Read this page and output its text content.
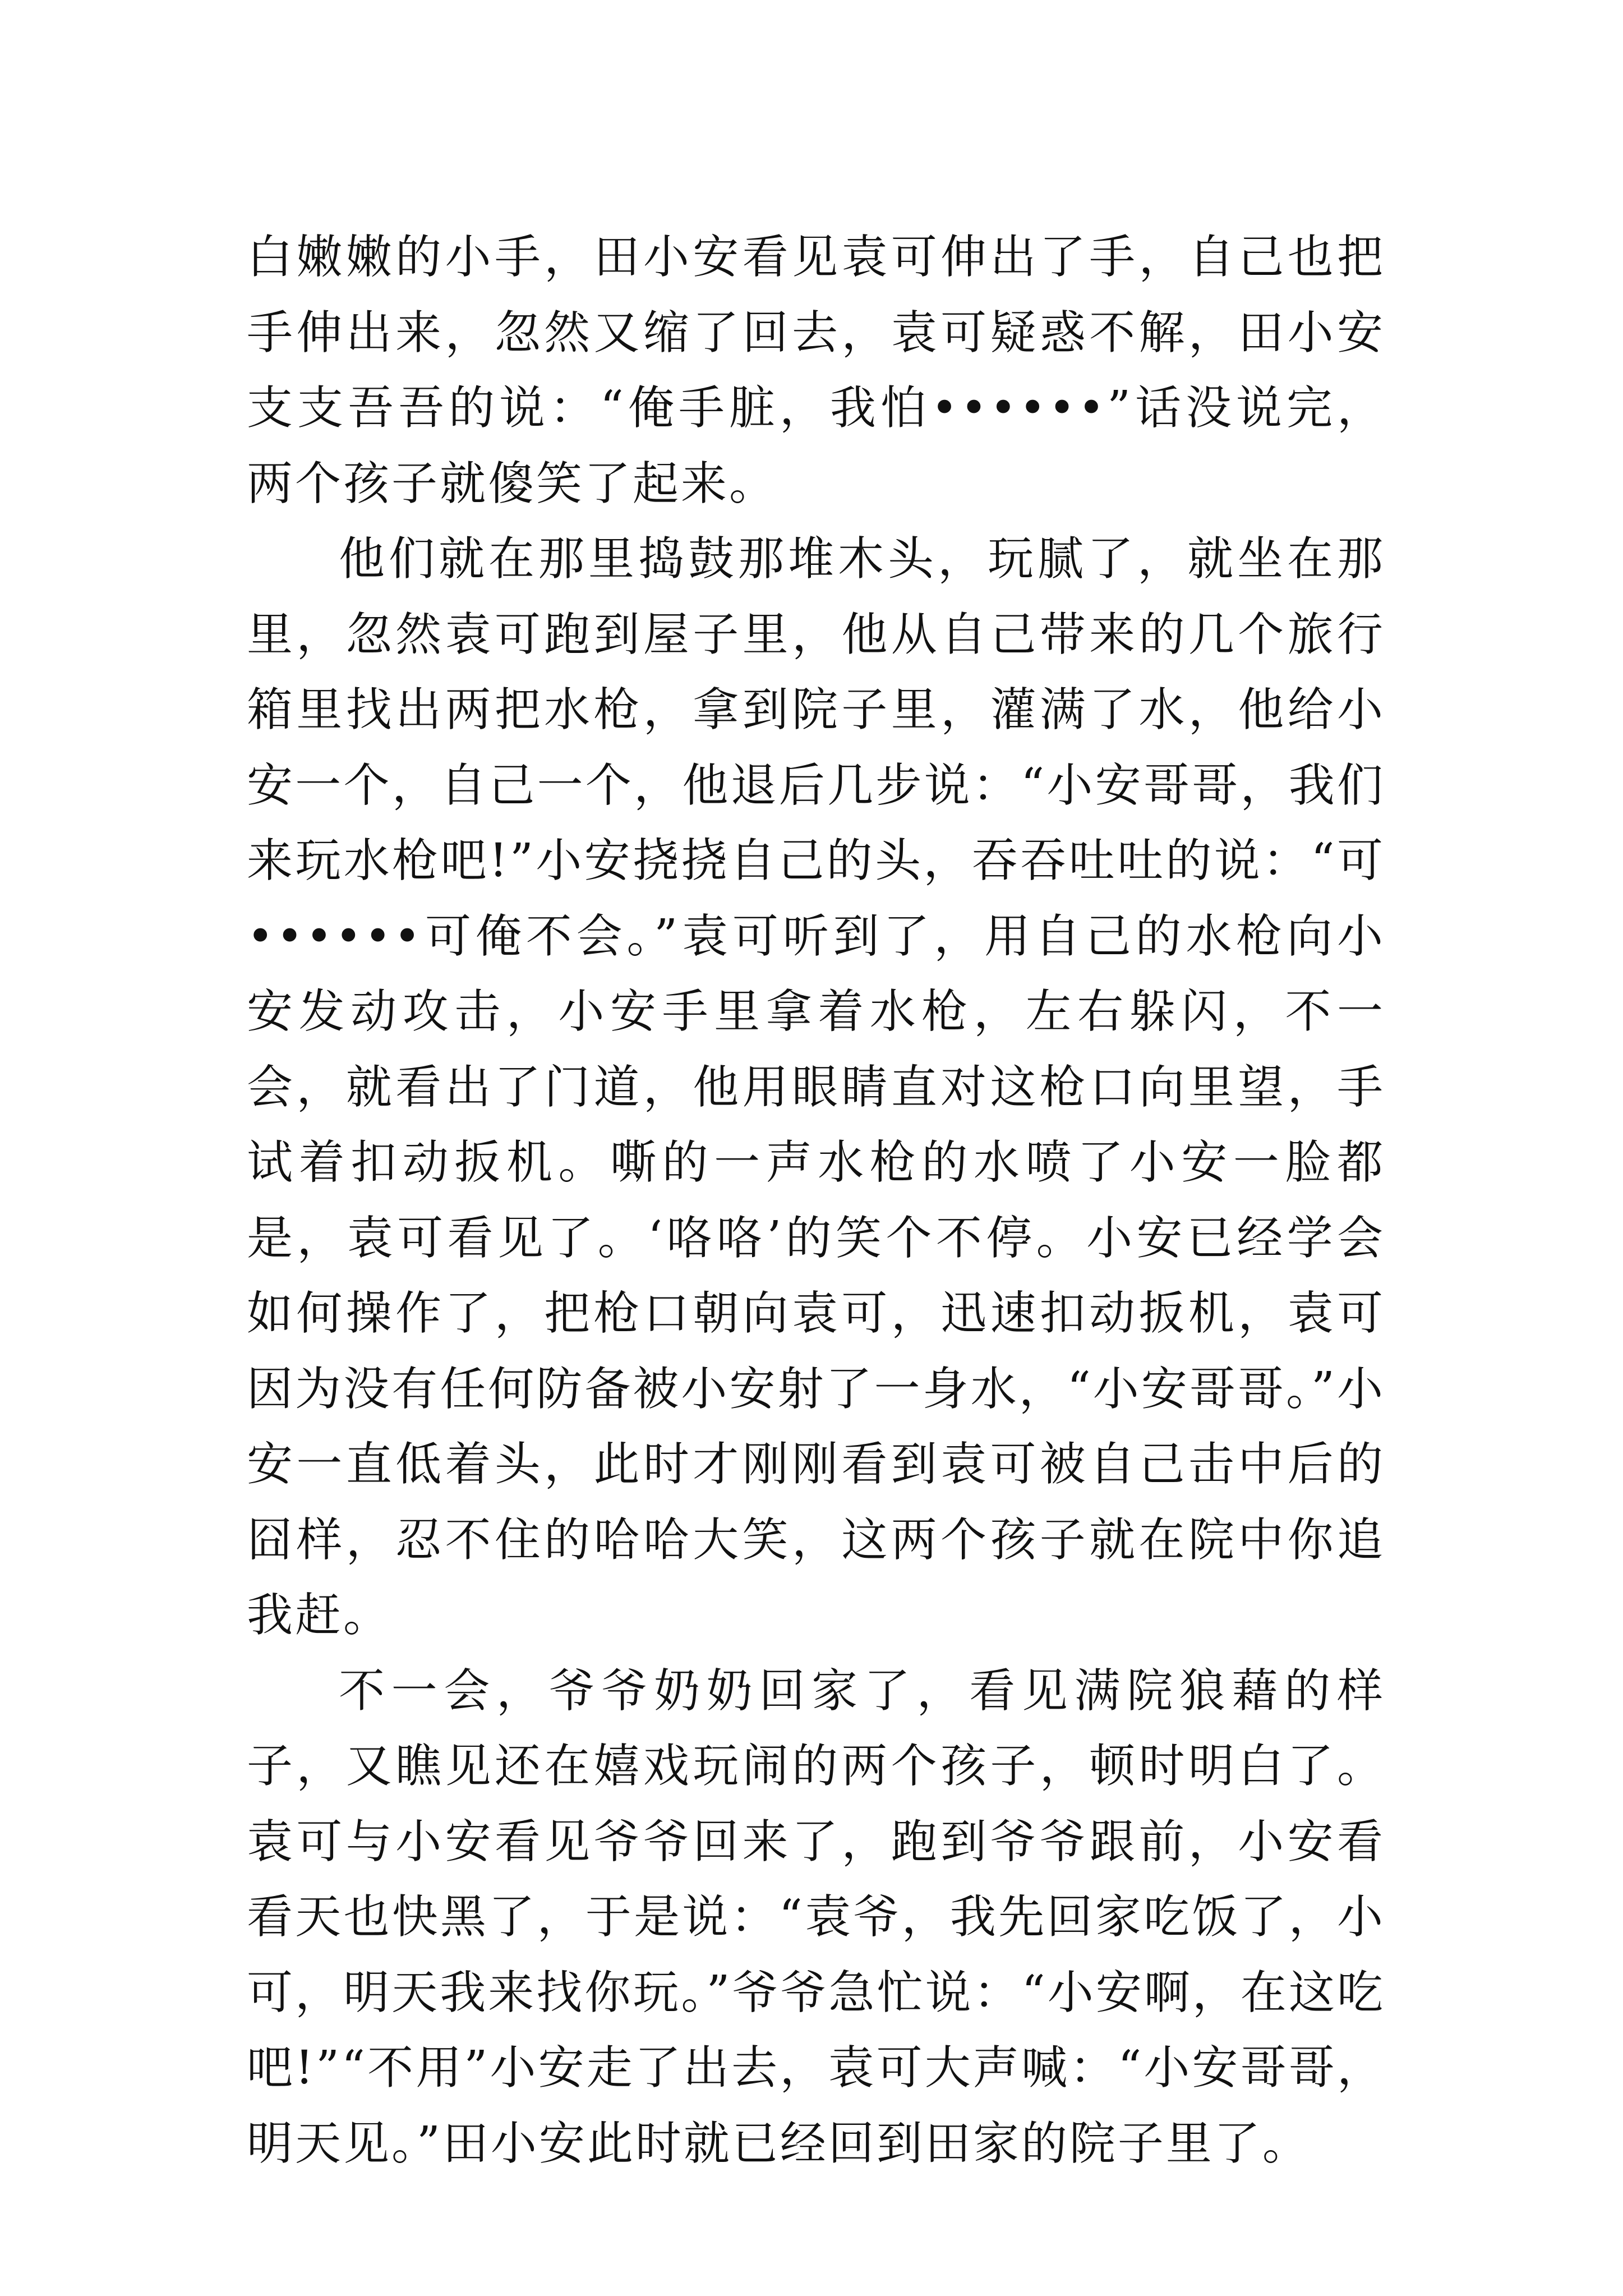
白嫩嫩的小手，田小安看见袁可伸出了手，自己也把手伸出来，忽然又缩了回去，袁可疑惑不解，田小安支支吾吾的说：“俺手脏，我怕••••••”话没说完，两个孩子就傻笑了起来。

他们就在那里捣鼓那堆木头，玩腻了，就坐在那里，忽然袁可跑到屋子里，他从自己带来的几个旅行箱里找出两把水枪，拿到院子里，灌满了水，他给小安一个，自己一个，他退后几步说：“小安哥哥，我们来玩水枪吧!”小安挠挠自己的头，吞吞吐吐的说：“可••••••可俺不会。”袁可听到了，用自己的水枪向小安发动攻击，小安手里拿着水枪，左右躲闪，不一会，就看出了门道，他用眼睛直对这枪口向里望，手试着扣动扳机。嘶的一声水枪的水喷了小安一脸都是，袁可看见了。‘咯咯’的笑个不停。小安已经学会如何操作了，把枪口朝向袁可，迅速扣动扳机，袁可因为没有任何防备被小安射了一身水，“小安哥哥。”小安一直低着头，此时才刚刚看到袁可被自己击中后的囧样，忍不住的哈哈大笑，这两个孩子就在院中你追我赶。

不一会，爷爷奶奶回家了，看见满院狼藉的样子，又瞧见还在嬉戏玩闹的两个孩子，顿时明白了。袁可与小安看见爷爷回来了，跑到爷爷跟前，小安看看天也快黑了，于是说：“袁爷，我先回家吃饭了，小可，明天我来找你玩。”爷爷急忙说：“小安啊，在这吃吧!”“不用”小安走了出去，袁可大声喊：“小安哥哥，明天见。”田小安此时就已经回到田家的院子里了。
